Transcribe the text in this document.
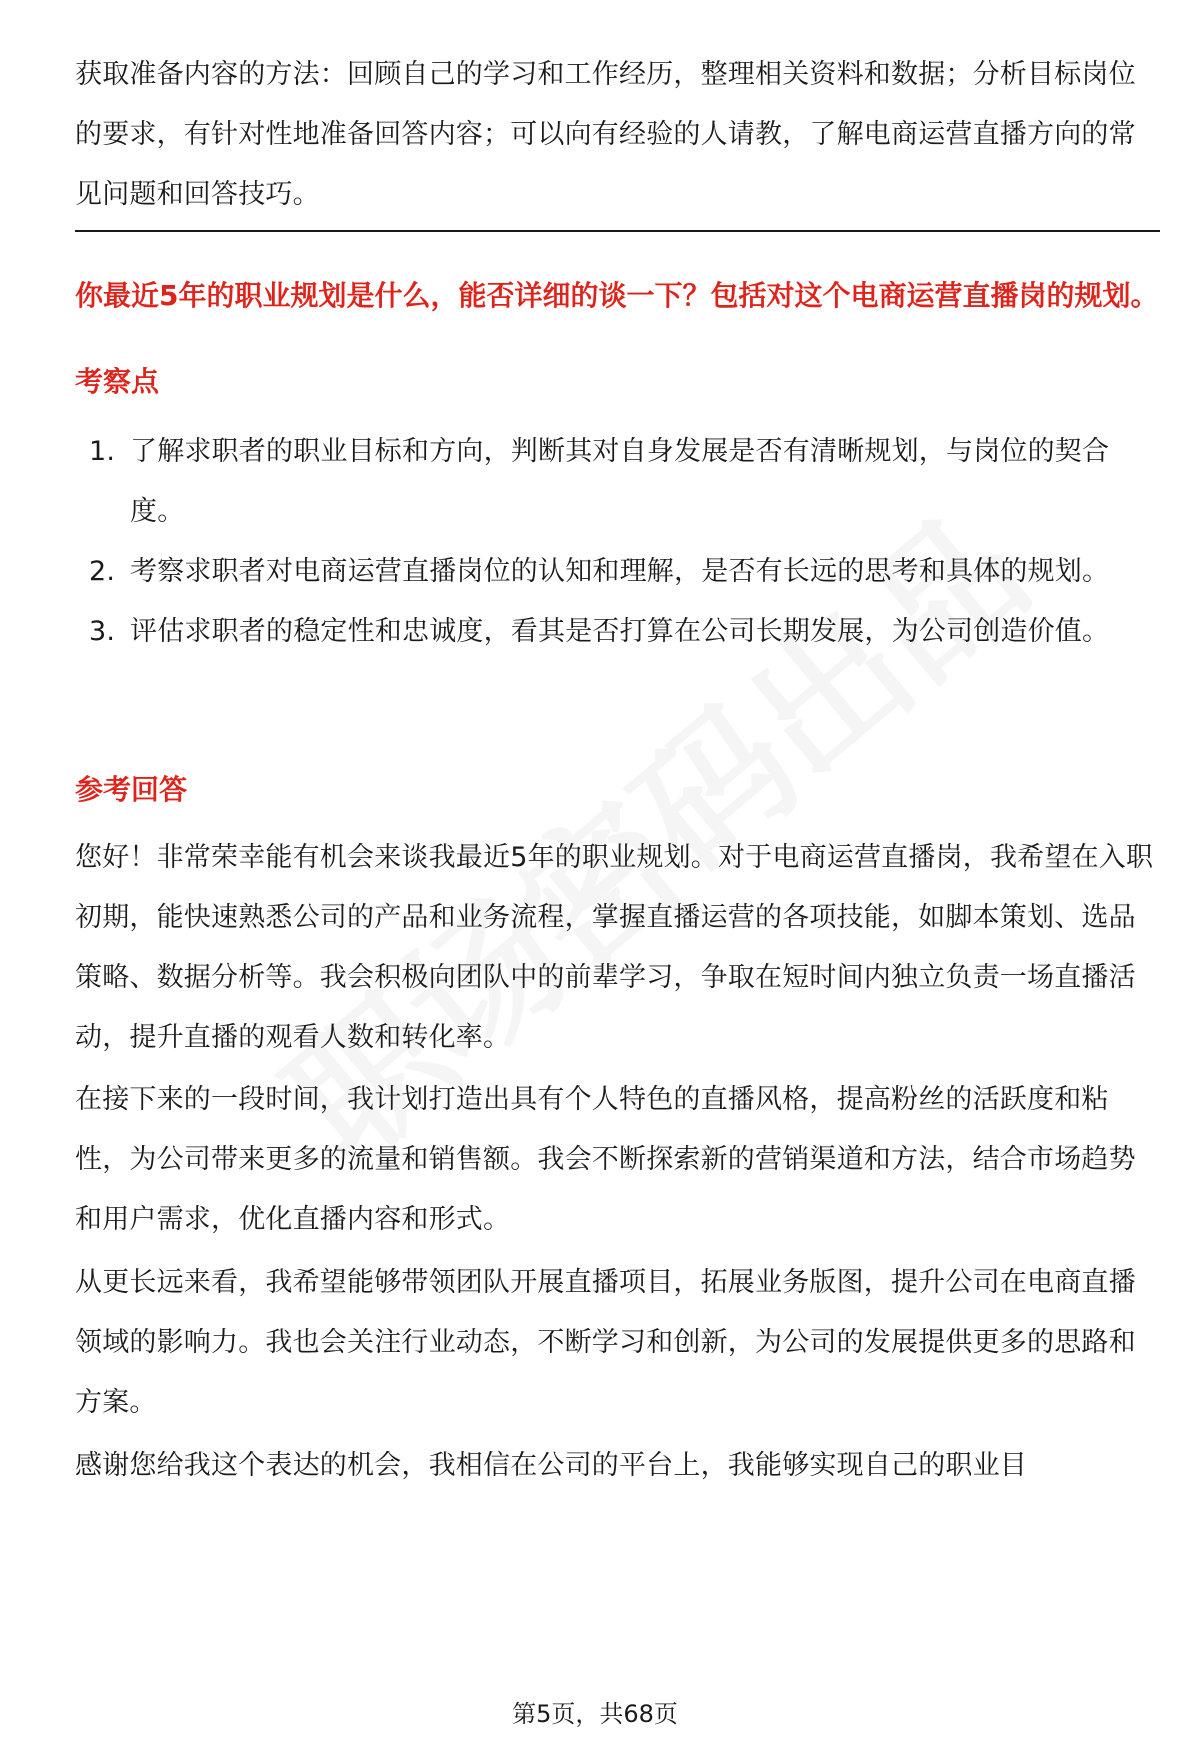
获取准备内容的方法：回顾自己的学习和工作经历，整理相关资料和数据；分析目标岗位的要求，有针对性地准备回答内容；可以向有经验的人请教，了解电商运营直播方向的常见问题和回答技巧。

你最近5年的职业规划是什么，能否详细的谈一下？包括对这个电商运营直播岗的规划。

考察点

1. 了解求职者的职业目标和方向，判断其对自身发展是否有清晰规划，与岗位的契合度。
2. 考察求职者对电商运营直播岗位的认知和理解，是否有长远的思考和具体的规划。
3. 评估求职者的稳定性和忠诚度，看其是否打算在公司长期发展，为公司创造价值。

参考回答

您好！非常荣幸能有机会来谈我最近5年的职业规划。对于电商运营直播岗，我希望在入职初期，能快速熟悉公司的产品和业务流程，掌握直播运营的各项技能，如脚本策划、选品策略、数据分析等。我会积极向团队中的前辈学习，争取在短时间内独立负责一场直播活动，提升直播的观看人数和转化率。

在接下来的一段时间，我计划打造出具有个人特色的直播风格，提高粉丝的活跃度和粘性，为公司带来更多的流量和销售额。我会不断探索新的营销渠道和方法，结合市场趋势和用户需求，优化直播内容和形式。

从更长远来看，我希望能够带领团队开展直播项目，拓展业务版图，提升公司在电商直播领域的影响力。我也会关注行业动态，不断学习和创新，为公司的发展提供更多的思路和方案。

感谢您给我这个表达的机会，我相信在公司的平台上，我能够实现自己的职业目

第5页，共68页
